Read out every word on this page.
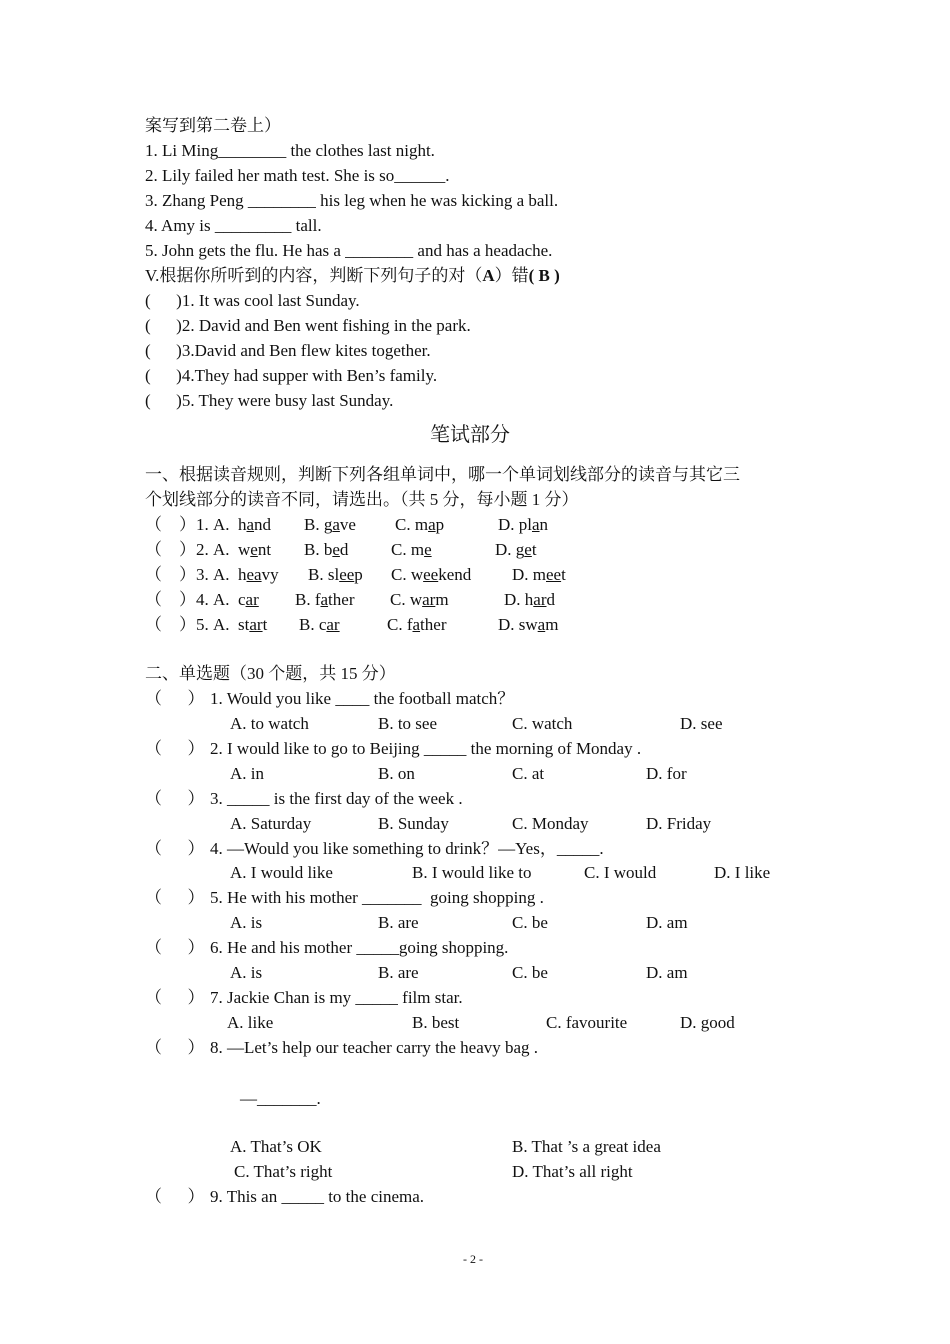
案写到第二卷上）
1. Li Ming________ the clothes last night.
2. Lily failed her math test. She is so______.
3. Zhang Peng ________ his leg when he was kicking a ball.
4. Amy is _________ tall.
5. John gets the flu. He has a ________ and has a headache.
V.根据你所听到的内容，判断下列句子的对（A）错( B )
(      )1. It was cool last Sunday.
(      )2. David and Ben went fishing in the park.
(      )3.David and Ben flew kites together.
(      )4.They had supper with Ben’s family.
(      )5. They were busy last Sunday.
笔试部分
一、根据读音规则，判断下列各组单词中，哪一个单词划线部分的读音与其它三
个划线部分的读音不同，请选出。（共 5 分，每小题 1 分）
（    ）1. A. hand B. gave C. map	D. plan
（    ）2. A. went B. bed	C. me	D. get
（    ）3. A. heavy B. sleep C. weekend D. meet
（    ）4. A. car B. father C. warm	D. hard
（    ）5. A. start B. car	C. father	D. swam
二、单选题（30 个题，共 15 分）
（      ） 1. Would you like ____ the football match？
A. to watch	B. to see	C. watch	D. see
（      ） 2. I would like to go to Beijing _____ the morning of Monday .
A. in	B. on	C. at	D. for
（      ） 3. _____ is the first day of the week .
A. Saturday	B. Sunday	C. Monday	D. Friday
（      ） 4. —Would you like something to drink？—Yes，_____.
A. I would like	B. I would like to	C. I would	D. I like
（      ） 5. He with his mother _______  going shopping .
A. is	B. are	C. be	D. am
（      ） 6. He and his mother _____going shopping.
A. is	B. are	C. be	D. am
（      ） 7. Jackie Chan is my _____ film star.
A. like	B. best	C. favourite	D. good
（      ） 8. —Let’s help our teacher carry the heavy bag .
—_______.
A. That’s OK	B. That ’s a great idea
C. That’s right	D. That’s all right
（      ） 9. This an _____ to the cinema.
- 2 -
